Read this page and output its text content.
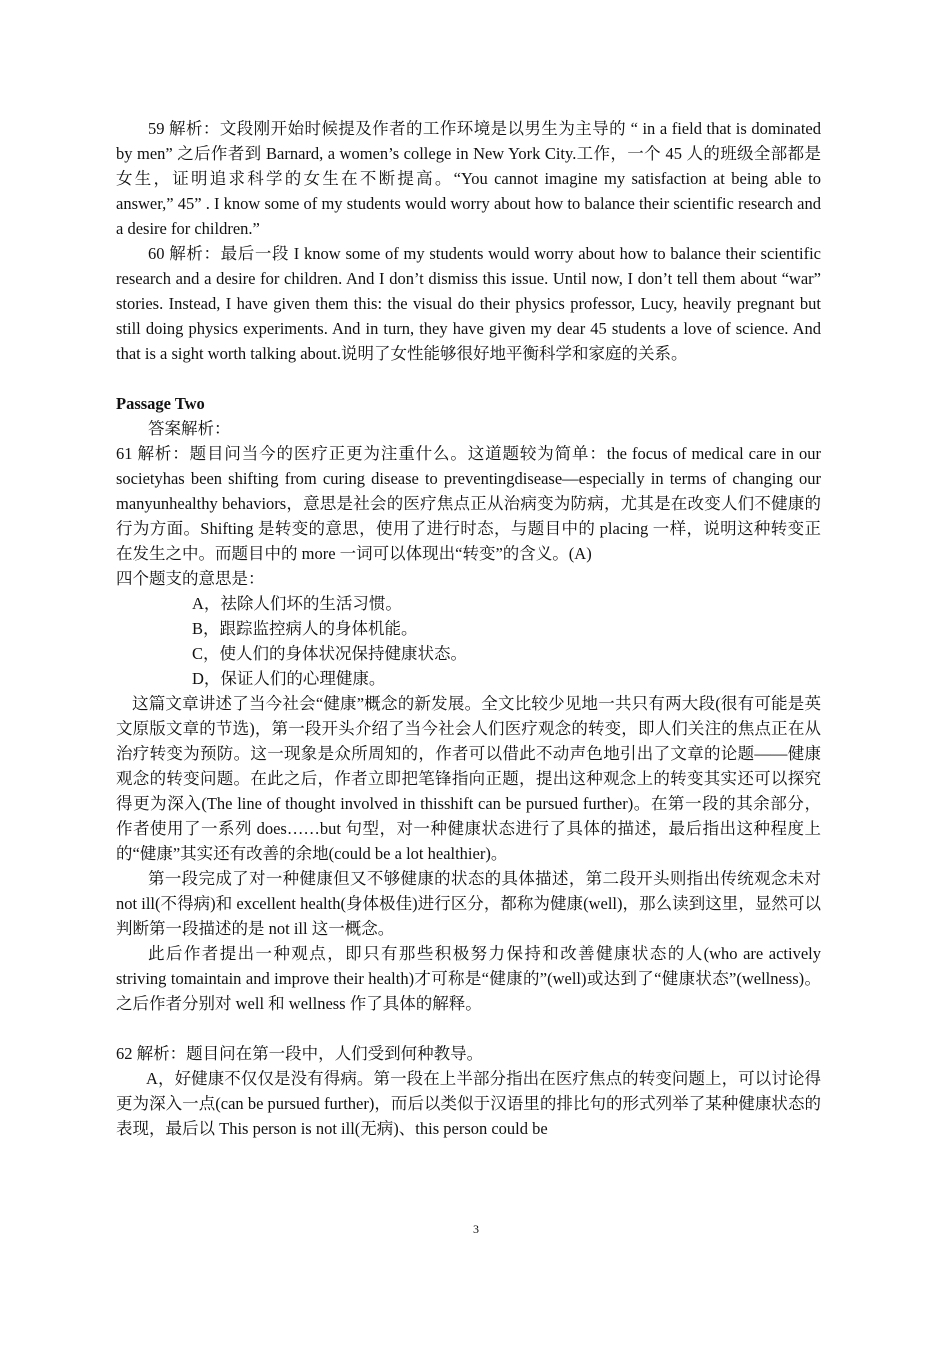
59 解析：文段刚开始时候提及作者的工作环境是以男生为主导的 “ in a field that is dominated by men” 之后作者到 Barnard, a women’s college in New York City.工作，一个 45 人的班级全部都是女生，证明追求科学的女生在不断提高。“You cannot imagine my satisfaction at being able to answer,” 45” . I know some of my students would worry about how to balance their scientific research and a desire for children.”

60 解析：最后一段 I know some of my students would worry about how to balance their scientific research and a desire for children. And I don’t dismiss this issue. Until now, I don’t tell them about “war” stories. Instead, I have given them this: the visual do their physics professor, Lucy, heavily pregnant but still doing physics experiments. And in turn, they have given my dear 45 students a love of science. And that is a sight worth talking about.说明了女性能够很好地平衡科学和家庭的关系。

Passage Two

答案解析：

61 解析：题目问当今的医疗正更为注重什么。这道题较为简单：the focus of medical care in our societyhas been shifting from curing disease to preventingdisease—especially in terms of changing our manyunhealthy behaviors，意思是社会的医疗焦点正从治病变为防病，尤其是在改变人们不健康的行为方面。Shifting 是转变的意思，使用了进行时态，与题目中的 placing 一样，说明这种转变正在发生之中。而题目中的 more 一词可以体现出“转变”的含义。(A)

四个题支的意思是：

A，祛除人们坏的生活习惯。

B，跟踪监控病人的身体机能。

C，使人们的身体状况保持健康状态。

D，保证人们的心理健康。

这篇文章讲述了当今社会“健康”概念的新发展。全文比较少见地一共只有两大段(很有可能是英文原版文章的节选)，第一段开头介绍了当今社会人们医疗观念的转变，即人们关注的焦点正在从治疗转变为预防。这一现象是众所周知的，作者可以借此不动声色地引出了文章的论题——健康观念的转变问题。在此之后，作者立即把笔锋指向正题，提出这种观念上的转变其实还可以探究得更为深入(The line of thought involved in thisshift can be pursued further)。在第一段的其余部分，作者使用了一系列 does……but 句型，对一种健康状态进行了具体的描述，最后指出这种程度上的“健康”其实还有改善的余地(could be a lot healthier)。

第一段完成了对一种健康但又不够健康的状态的具体描述，第二段开头则指出传统观念未对 not ill(不得病)和 excellent health(身体极佳)进行区分，都称为健康(well)，那么读到这里，显然可以判断第一段描述的是 not ill 这一概念。

此后作者提出一种观点，即只有那些积极努力保持和改善健康状态的人(who are actively striving tomaintain and improve their health)才可称是“健康的”(well)或达到了“健康状态”(wellness)。之后作者分别对 well 和 wellness 作了具体的解释。

62 解析：题目问在第一段中，人们受到何种教导。

A，好健康不仅仅是没有得病。第一段在上半部分指出在医疗焦点的转变问题上，可以讨论得更为深入一点(can be pursued further)，而后以类似于汉语里的排比句的形式列举了某种健康状态的表现，最后以 This person is not ill(无病)、this person could be

3
